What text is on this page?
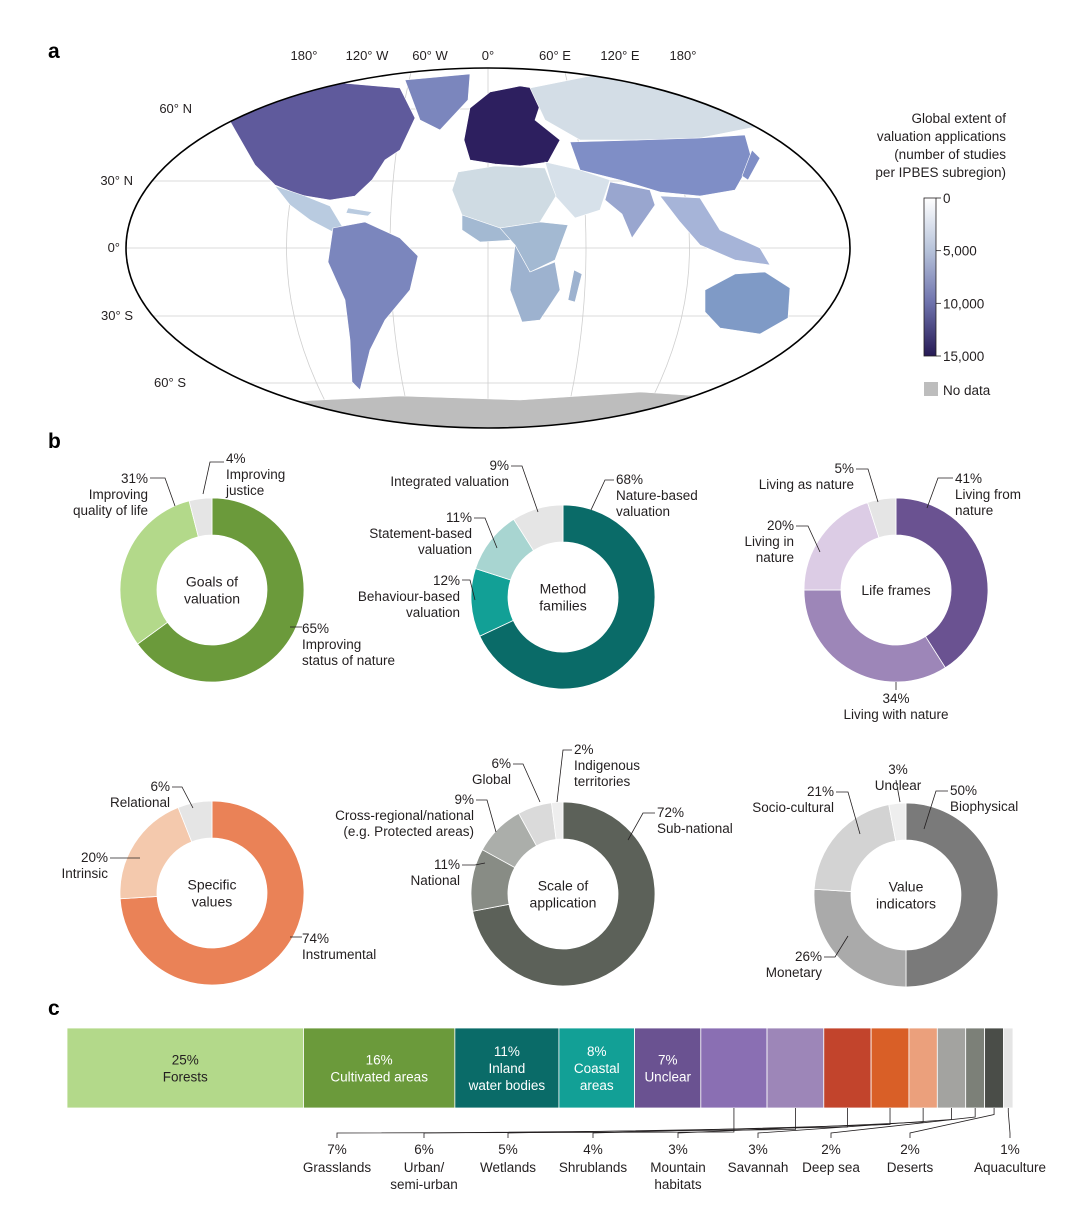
a
b
c
180° 120° W 60° W	0°	60° E 120° E 180°
60° N
30° N
0°
30° S
60° S
Global extent of
valuation applications
(number of studies
per IPBES subregion)
0
5,000
10,000
15,000
No data
65%
Improving
status of nature
31%
Improving
quality of life
4%
Improving
justice
Goals of
valuation
68%
Nature-based
valuation
12%
Behaviour-based
valuation
11%
Statement-based
valuation
9%
Integrated valuation
Method
families
41%
Living from
nature
34%
Living with nature
20%
Living in
nature
5%
Living as nature
Life frames
74%
Instrumental
20%
Intrinsic
6%
Relational
Specific
values
72%
Sub-national
11%
National
9%
Cross-regional/national
(e.g. Protected areas)
6%
Global
2%
Indigenous
territories
Scale of
application
50%
Biophysical
26%
Monetary
21%
Socio-cultural
3%
Unclear
Value
indicators
25%
Forests
16%
Cultivated areas
11%
Inland
water bodies
8%
Coastal
areas
7%
Unclear
7%
Grasslands
6%
Urban/
semi-urban
5%
Wetlands
4%
Shrublands
3%
Mountain
habitats
3%
Savannah
2%
Deep sea
2%
Deserts
1%
Aquaculture
